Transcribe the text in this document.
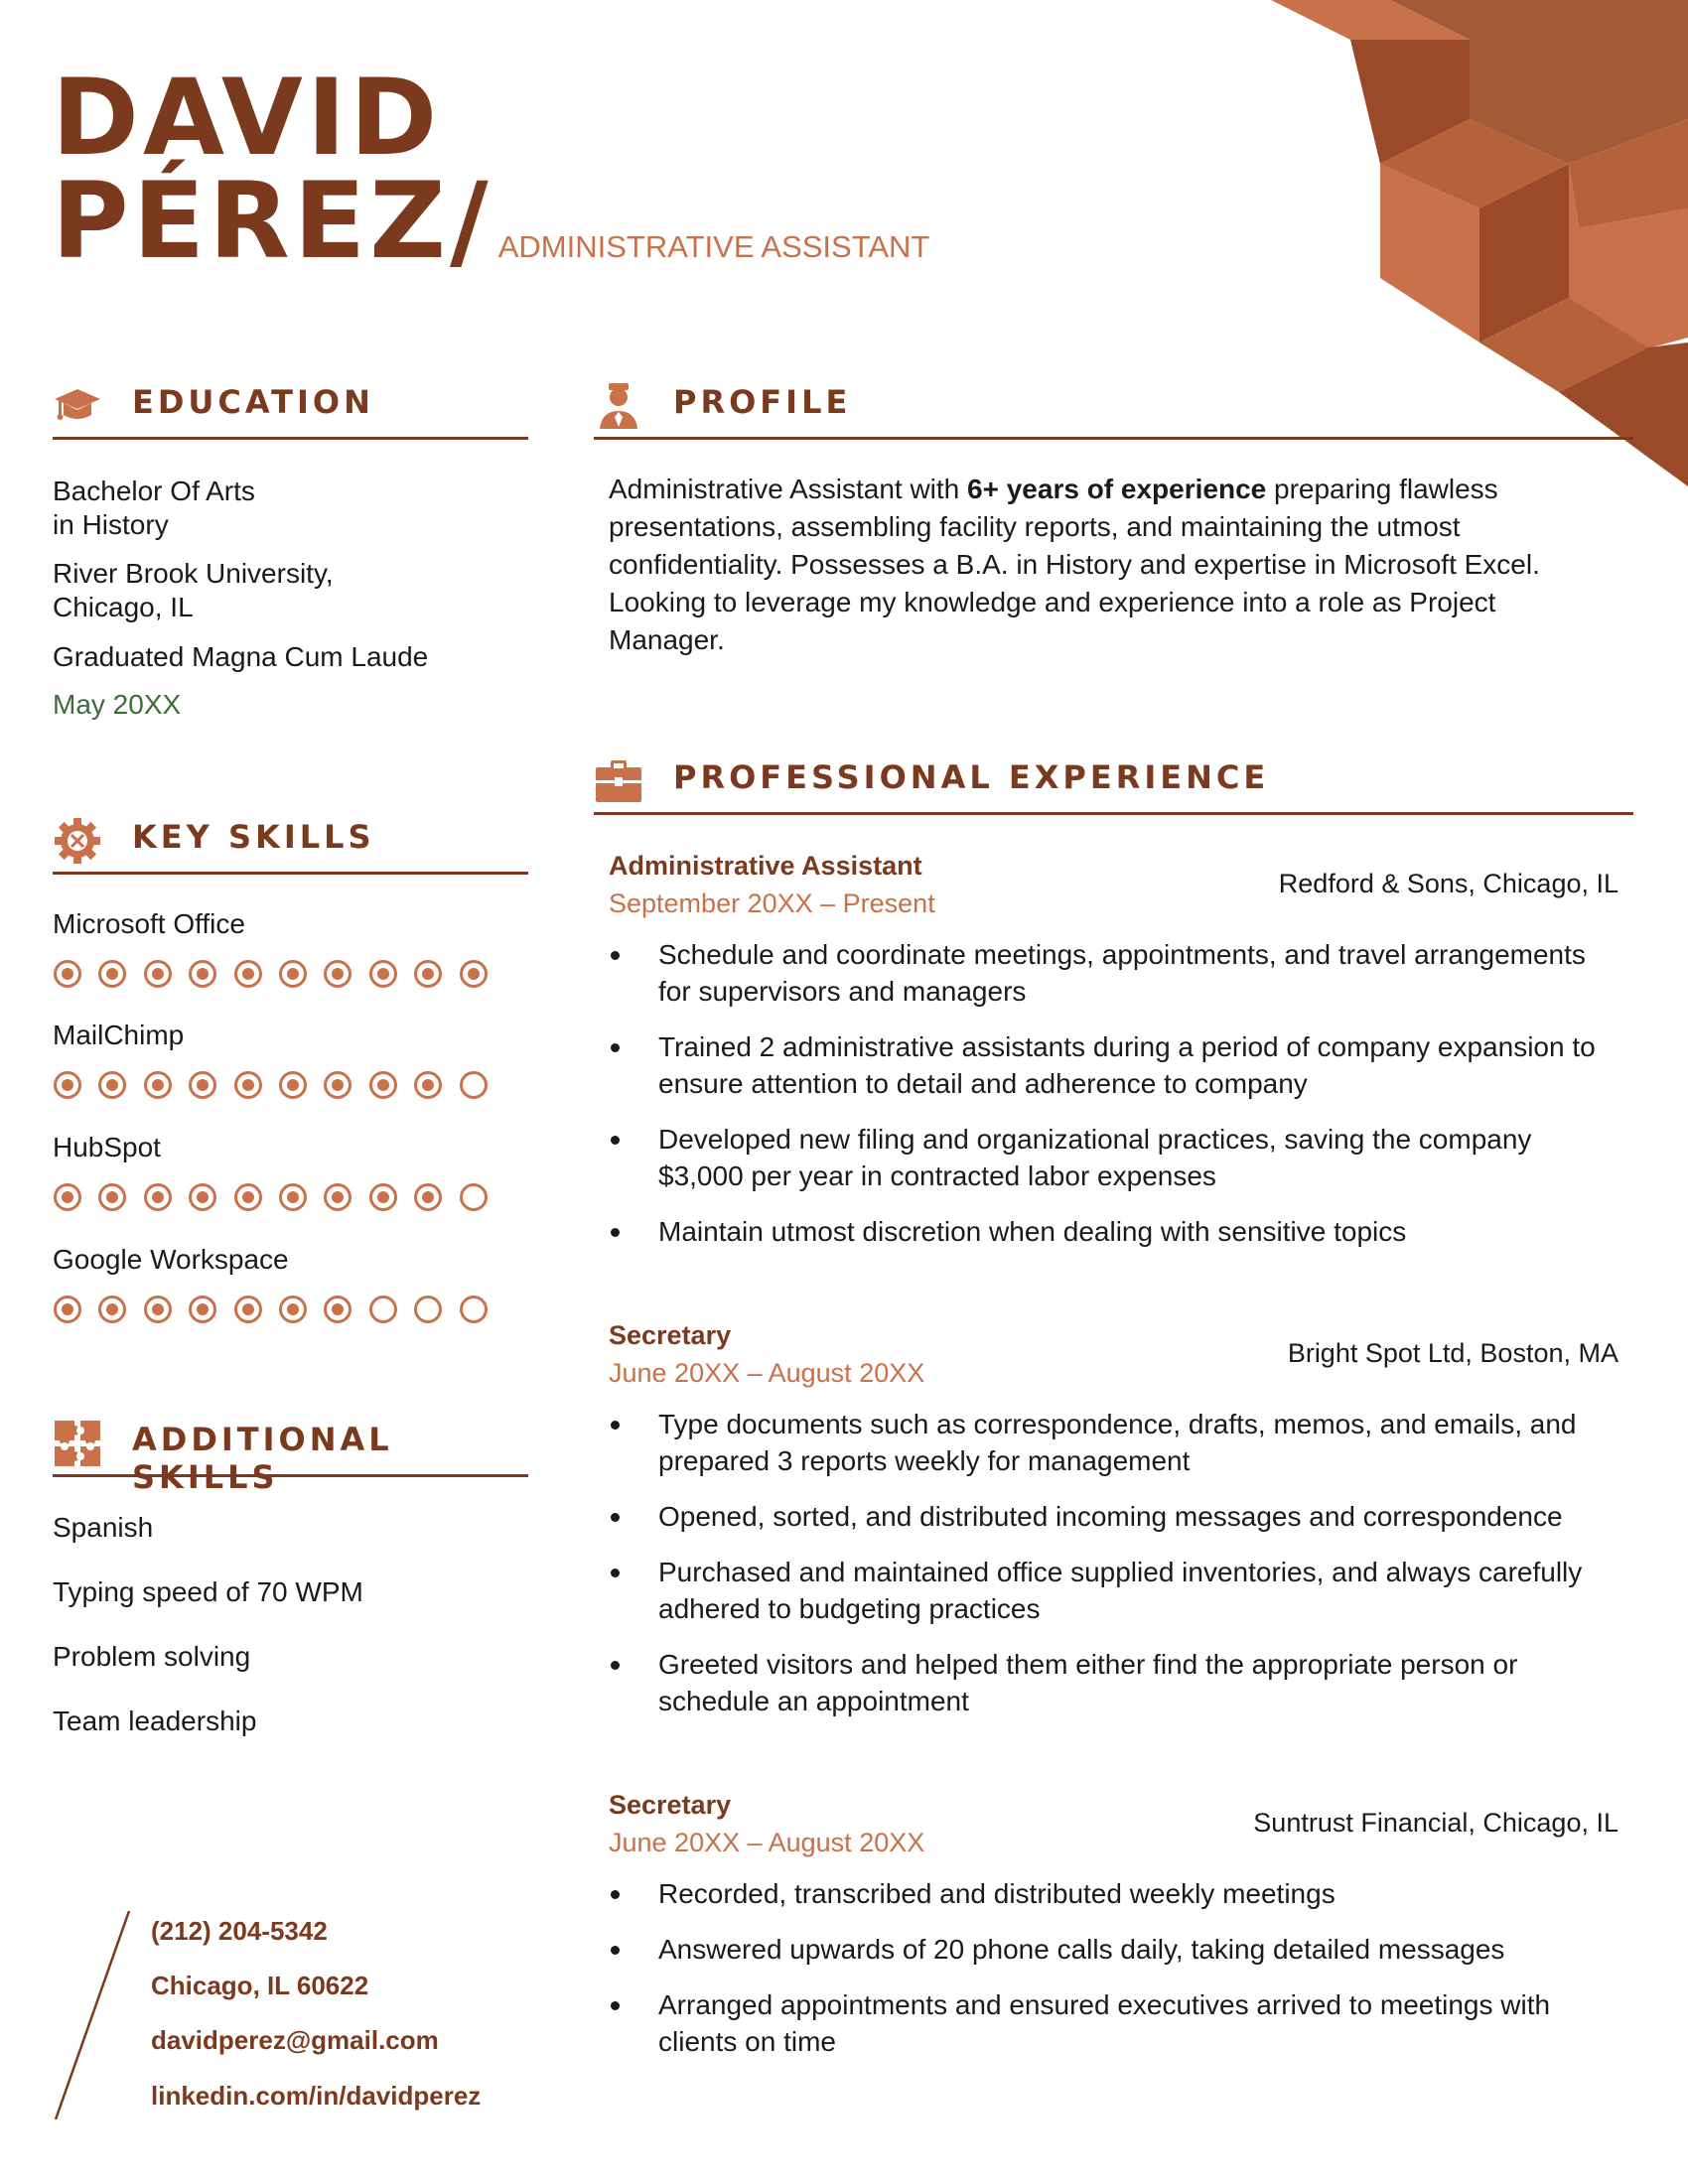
DAVID
PÉREZ/ ADMINISTRATIVE ASSISTANT
EDUCATION
Bachelor Of Arts
in History
River Brook University,
Chicago, IL
Graduated Magna Cum Laude
May 20XX
KEY SKILLS
Microsoft Office
MailChimp
HubSpot
Google Workspace
ADDITIONAL SKILLS
Spanish
Typing speed of 70 WPM
Problem solving
Team leadership
(212) 204-5342
Chicago, IL 60622
davidperez@gmail.com
linkedin.com/in/davidperez
PROFILE
Administrative Assistant with 6+ years of experience preparing flawless presentations, assembling facility reports, and maintaining the utmost confidentiality. Possesses a B.A. in History and expertise in Microsoft Excel. Looking to leverage my knowledge and experience into a role as Project Manager.
PROFESSIONAL EXPERIENCE
Administrative Assistant
September 20XX – Present
Redford & Sons, Chicago, IL
Schedule and coordinate meetings, appointments, and travel arrangements for supervisors and managers
Trained 2 administrative assistants during a period of company expansion to ensure attention to detail and adherence to company
Developed new filing and organizational practices, saving the company $3,000 per year in contracted labor expenses
Maintain utmost discretion when dealing with sensitive topics
Secretary
June 20XX – August 20XX
Bright Spot Ltd, Boston, MA
Type documents such as correspondence, drafts, memos, and emails, and prepared 3 reports weekly for management
Opened, sorted, and distributed incoming messages and correspondence
Purchased and maintained office supplied inventories, and always carefully adhered to budgeting practices
Greeted visitors and helped them either find the appropriate person or schedule an appointment
Secretary
June 20XX – August 20XX
Suntrust Financial, Chicago, IL
Recorded, transcribed and distributed weekly meetings
Answered upwards of 20 phone calls daily, taking detailed messages
Arranged appointments and ensured executives arrived to meetings with clients on time
